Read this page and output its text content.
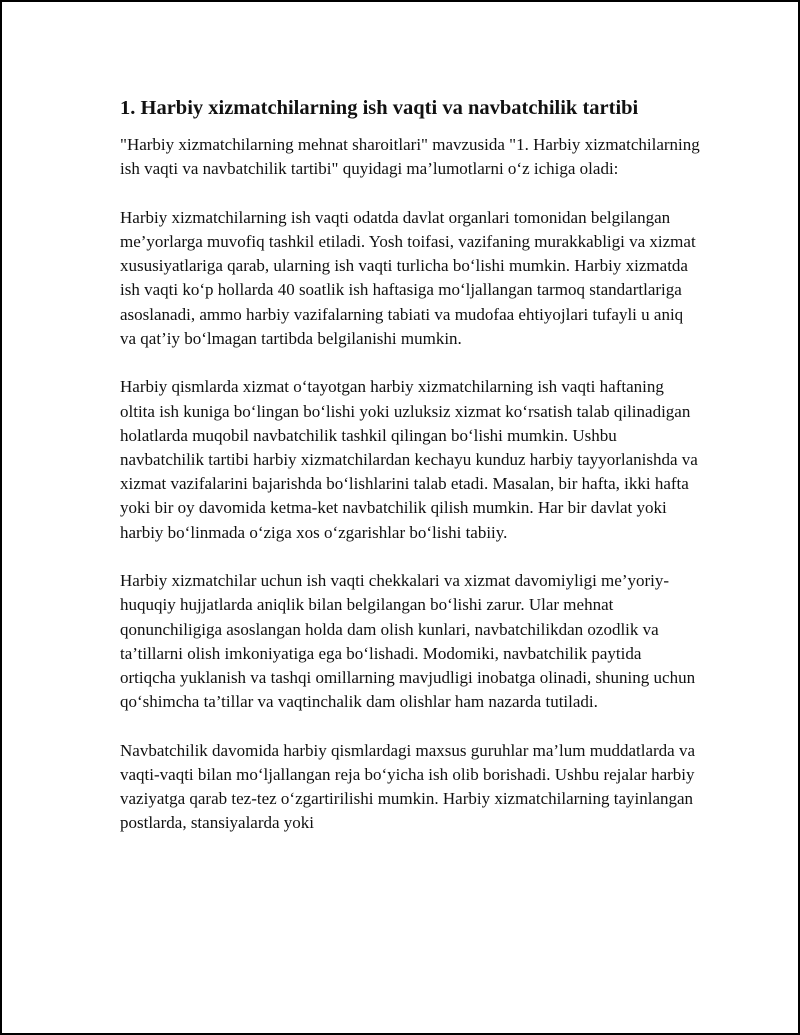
1. Harbiy xizmatchilarning ish vaqti va navbatchilik tartibi

"Harbiy xizmatchilarning mehnat sharoitlari" mavzusida "1. Harbiy xizmatchilarning ish vaqti va navbatchilik tartibi" quyidagi ma’lumotlarni o‘z ichiga oladi:

Harbiy xizmatchilarning ish vaqti odatda davlat organlari tomonidan belgilangan me’yorlarga muvofiq tashkil etiladi. Yosh toifasi, vazifaning murakkabligi va xizmat xususiyatlariga qarab, ularning ish vaqti turlicha bo‘lishi mumkin. Harbiy xizmatda ish vaqti ko‘p hollarda 40 soatlik ish haftasiga mo‘ljallangan tarmoq standartlariga asoslanadi, ammo harbiy vazifalarning tabiati va mudofaa ehtiyojlari tufayli u aniq va qat’iy bo‘lmagan tartibda belgilanishi mumkin.

Harbiy qismlarda xizmat o‘tayotgan harbiy xizmatchilarning ish vaqti haftaning oltita ish kuniga bo‘lingan bo‘lishi yoki uzluksiz xizmat ko‘rsatish talab qilinadigan holatlarda muqobil navbatchilik tashkil qilingan bo‘lishi mumkin. Ushbu navbatchilik tartibi harbiy xizmatchilardan kechayu kunduz harbiy tayyorlanishda va xizmat vazifalarini bajarishda bo‘lishlarini talab etadi. Masalan, bir hafta, ikki hafta yoki bir oy davomida ketma-ket navbatchilik qilish mumkin. Har bir davlat yoki harbiy bo‘linmada o‘ziga xos o‘zgarishlar bo‘lishi tabiiy.

Harbiy xizmatchilar uchun ish vaqti chekkalari va xizmat davomiyligi me’yoriy-huquqiy hujjatlarda aniqlik bilan belgilangan bo‘lishi zarur. Ular mehnat qonunchiligiga asoslangan holda dam olish kunlari, navbatchilikdan ozodlik va ta’tillarni olish imkoniyatiga ega bo‘lishadi. Modomiki, navbatchilik paytida ortiqcha yuklanish va tashqi omillarning mavjudligi inobatga olinadi, shuning uchun qo‘shimcha ta’tillar va vaqtinchalik dam olishlar ham nazarda tutiladi.

Navbatchilik davomida harbiy qismlardagi maxsus guruhlar ma’lum muddatlarda va vaqti-vaqti bilan mo‘ljallangan reja bo‘yicha ish olib borishadi. Ushbu rejalar harbiy vaziyatga qarab tez-tez o‘zgartirilishi mumkin. Harbiy xizmatchilarning tayinlangan postlarda, stansiyalarda yoki
